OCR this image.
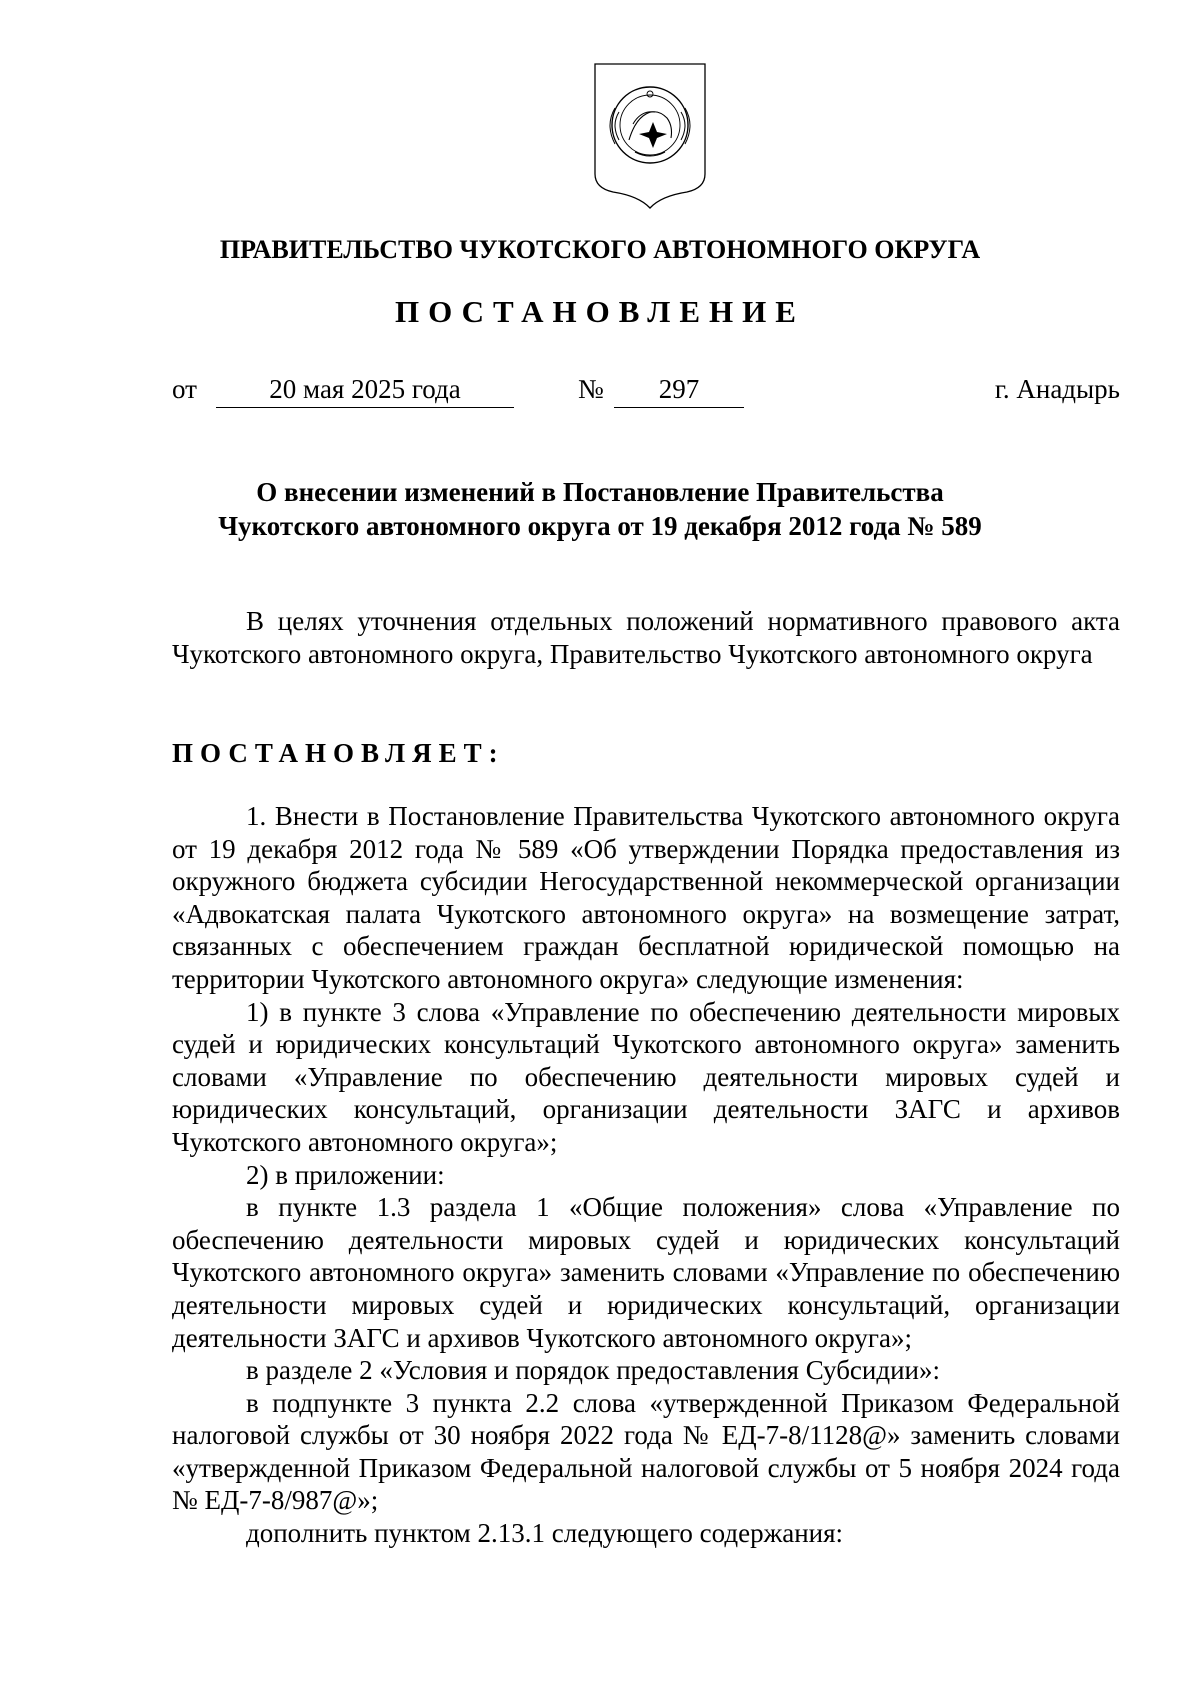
ПРАВИТЕЛЬСТВО ЧУКОТСКОГО АВТОНОМНОГО ОКРУГА
ПОСТАНОВЛЕНИЕ
от	20 мая 2025 года	№	297	г. Анадырь
О внесении изменений в Постановление Правительства
Чукотского автономного округа от 19 декабря 2012 года № 589

В целях уточнения отдельных положений нормативного правового акта Чукотского автономного округа, Правительство Чукотского автономного округа

ПОСТАНОВЛЯЕТ:

1. Внести в Постановление Правительства Чукотского автономного округа от 19 декабря 2012 года № 589 «Об утверждении Порядка предоставления из окружного бюджета субсидии Негосударственной некоммерческой организации «Адвокатская палата Чукотского автономного округа» на возмещение затрат, связанных с обеспечением граждан бесплатной юридической помощью на территории Чукотского автономного округа» следующие изменения:

1) в пункте 3 слова «Управление по обеспечению деятельности мировых судей и юридических консультаций Чукотского автономного округа» заменить словами «Управление по обеспечению деятельности мировых судей и юридических консультаций, организации деятельности ЗАГС и архивов Чукотского автономного округа»;

2) в приложении:

в пункте 1.3 раздела 1 «Общие положения» слова «Управление по обеспечению деятельности мировых судей и юридических консультаций Чукотского автономного округа» заменить словами «Управление по обеспечению деятельности мировых судей и юридических консультаций, организации деятельности ЗАГС и архивов Чукотского автономного округа»;

в разделе 2 «Условия и порядок предоставления Субсидии»:

в подпункте 3 пункта 2.2 слова «утвержденной Приказом Федеральной налоговой службы от 30 ноября 2022 года № ЕД-7-8/1128@» заменить словами «утвержденной Приказом Федеральной налоговой службы от 5 ноября 2024 года № ЕД-7-8/987@»;

дополнить пунктом 2.13.1 следующего содержания:
